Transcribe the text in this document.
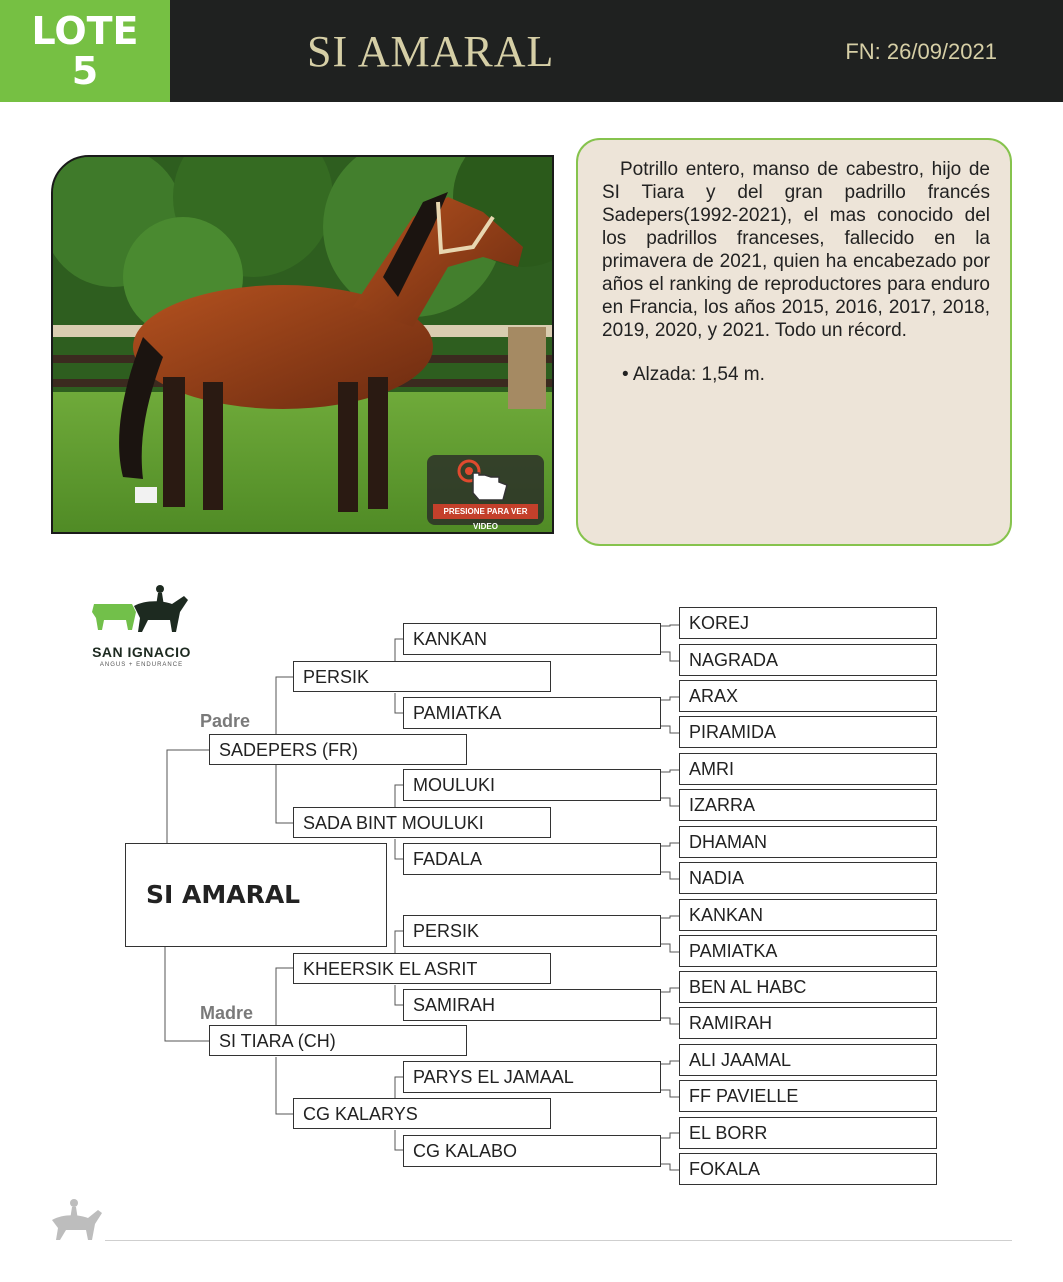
LOTE
5	SI AMARAL	FN: 26/09/2021
PRESIONE PARA VER VIDEO

Potrillo entero, manso de cabestro, hijo de SI Tiara y del gran padrillo francés Sadepers(1992-2021), el mas conocido del los padrillos franceses, fallecido en la primavera de 2021, quien ha encabezado por años el ranking de reproductores para enduro en Francia, los años 2015, 2016, 2017, 2018, 2019, 2020, y 2021. Todo un récord.

• Alzada: 1,54 m.
SAN IGNACIO
ANGUS + ENDURANCE
SI AMARAL
Padre
Madre
SADEPERS (FR)
SI TIARA (CH)
PERSIK
SADA BINT MOULUKI
KHEERSIK EL ASRIT
CG KALARYS
KANKAN
PAMIATKA
MOULUKI
FADALA
PERSIK
SAMIRAH
PARYS EL JAMAAL
CG KALABO
KOREJ
NAGRADA
ARAX
PIRAMIDA
AMRI
IZARRA
DHAMAN
NADIA
KANKAN
PAMIATKA
BEN AL HABC
RAMIRAH
ALI JAAMAL
FF PAVIELLE
EL BORR
FOKALA
